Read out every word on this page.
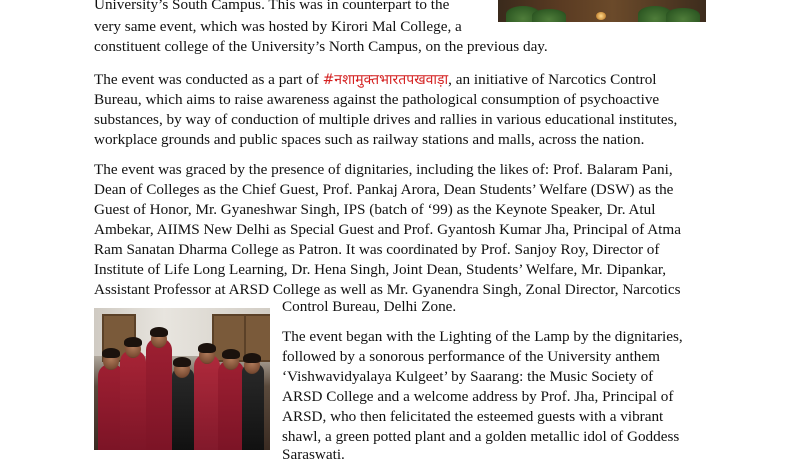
University’s South Campus. This was in counterpart to the
very same event, which was hosted by Kirori Mal College, a
constituent college of the University’s North Campus, on the previous day.
The event was conducted as a part of #नशामुक्तभारतपखवाड़ा, an initiative of Narcotics Control
Bureau, which aims to raise awareness against the pathological consumption of psychoactive
substances, by way of conduction of multiple drives and rallies in various educational institutes,
workplace grounds and public spaces such as railway stations and malls, across the nation.
The event was graced by the presence of dignitaries, including the likes of: Prof. Balaram Pani,
Dean of Colleges as the Chief Guest, Prof. Pankaj Arora, Dean Students’ Welfare (DSW) as the
Guest of Honor, Mr. Gyaneshwar Singh, IPS (batch of ‘99) as the Keynote Speaker, Dr. Atul
Ambekar, AIIMS New Delhi as Special Guest and Prof. Gyantosh Kumar Jha, Principal of Atma
Ram Sanatan Dharma College as Patron. It was coordinated by Prof. Sanjoy Roy, Director of
Institute of Life Long Learning, Dr. Hena Singh, Joint Dean, Students’ Welfare, Mr. Dipankar,
Assistant Professor at ARSD College as well as Mr. Gyanendra Singh, Zonal Director, Narcotics
Control Bureau, Delhi Zone.
The event began with the Lighting of the Lamp by the dignitaries,
followed by a sonorous performance of the University anthem
‘Vishwavidyalaya Kulgeet’ by Saarang: the Music Society of
ARSD College and a welcome address by Prof. Jha, Principal of
ARSD, who then felicitated the esteemed guests with a vibrant
shawl, a green potted plant and a golden metallic idol of Goddess
Saraswati.
